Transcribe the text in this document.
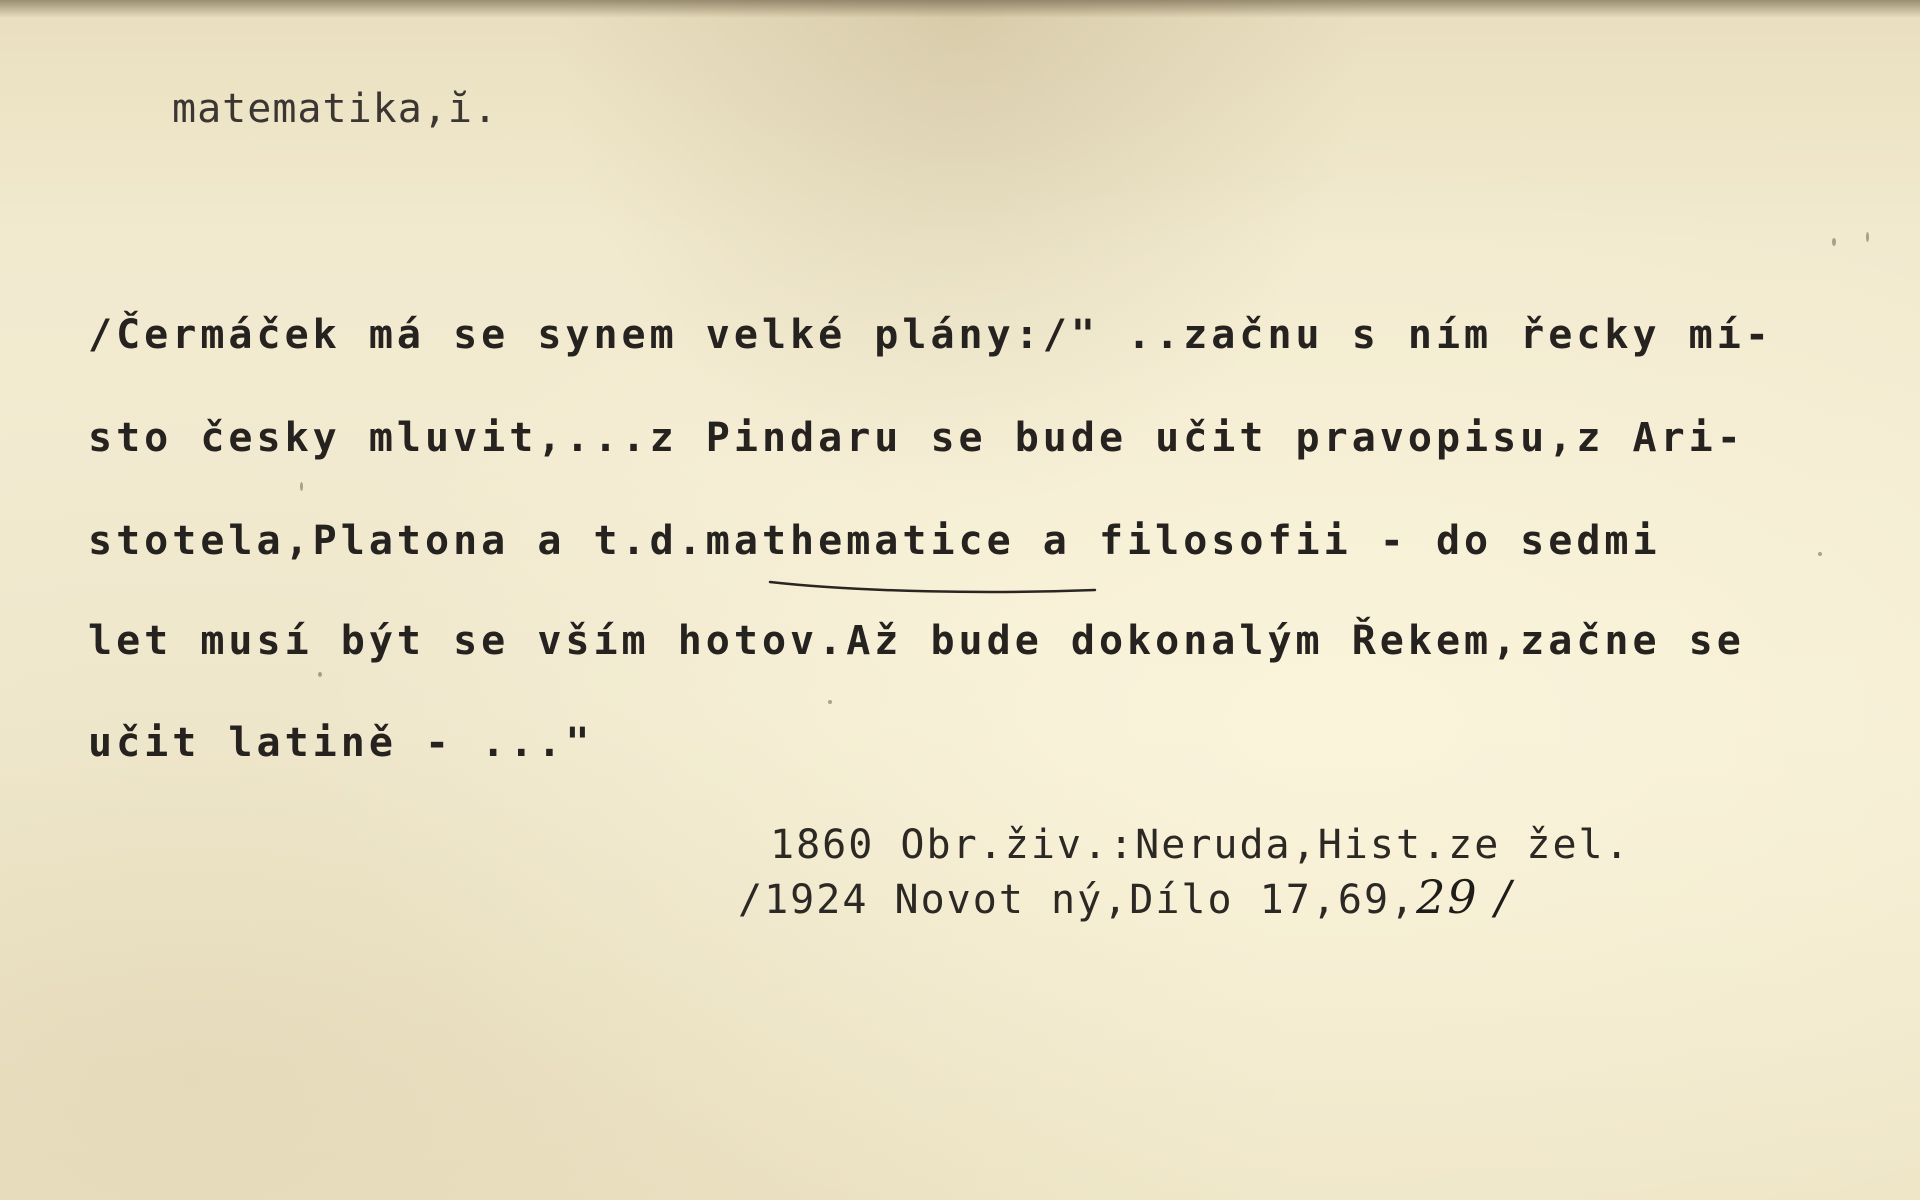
matematika,ĭ.
/Čermáček má se synem velké plány:/" ..začnu s ním řecky mí-
sto česky mluvit,...z Pindaru se bude učit pravopisu,z Ari-
stotela,Platona a t.d.mathematice a filosofii - do sedmi
let musí být se vším hotov.Až bude dokonalým Řekem,začne se
učit latině - ..."
1860 Obr.živ.:Neruda,Hist.ze žel.
/1924 Novot ný,Dílo 17,69,29 /
